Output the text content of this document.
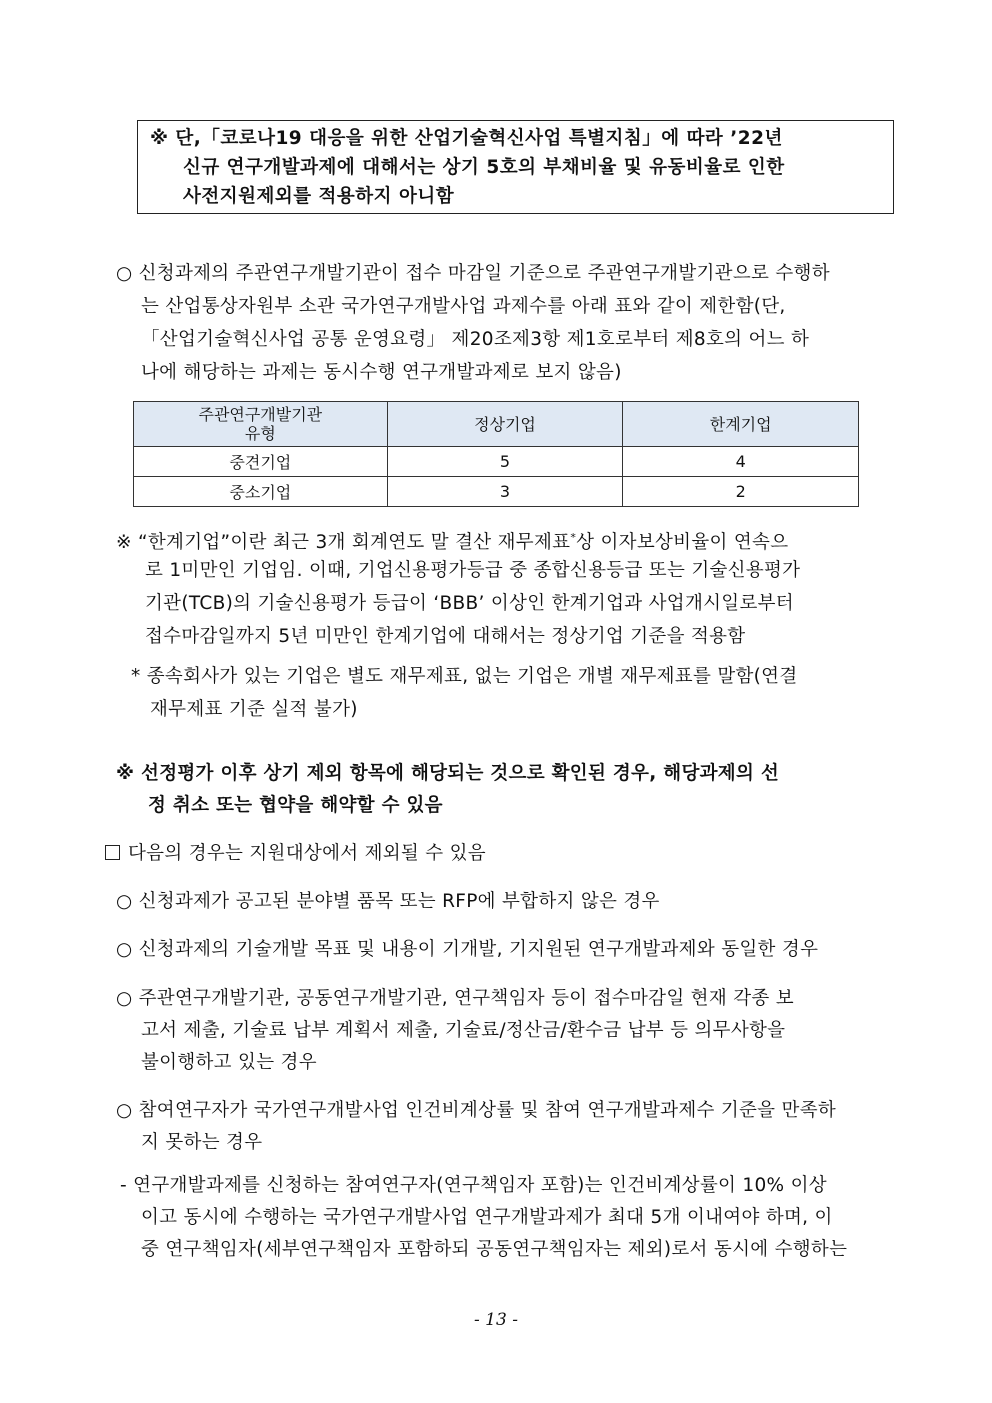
※ 단,「코로나19 대응을 위한 산업기술혁신사업 특별지침」에 따라 ’22년
신규 연구개발과제에 대해서는 상기 5호의 부채비율 및 유동비율로 인한
사전지원제외를 적용하지 아니함
○ 신청과제의 주관연구개발기관이 접수 마감일 기준으로 주관연구개발기관으로 수행하
는 산업통상자원부 소관 국가연구개발사업 과제수를 아래 표와 같이 제한함(단,
「산업기술혁신사업 공통 운영요령」 제20조제3항 제1호로부터 제8호의 어느 하
나에 해당하는 과제는 동시수행 연구개발과제로 보지 않음)
주관연구개발기관
유형	정상기업	한계기업
중견기업	5	4
중소기업	3	2
※ “한계기업”이란 최근 3개 회계연도 말 결산 재무제표*상 이자보상비율이 연속으
로 1미만인 기업임. 이때, 기업신용평가등급 중 종합신용등급 또는 기술신용평가
기관(TCB)의 기술신용평가 등급이 ‘BBB’ 이상인 한계기업과 사업개시일로부터
접수마감일까지 5년 미만인 한계기업에 대해서는 정상기업 기준을 적용함
* 종속회사가 있는 기업은 별도 재무제표, 없는 기업은 개별 재무제표를 말함(연결
재무제표 기준 실적 불가)
※ 선정평가 이후 상기 제외 항목에 해당되는 것으로 확인된 경우, 해당과제의 선
정 취소 또는 협약을 해약할 수 있음
다음의 경우는 지원대상에서 제외될 수 있음
○ 신청과제가 공고된 분야별 품목 또는 RFP에 부합하지 않은 경우
○ 신청과제의 기술개발 목표 및 내용이 기개발, 기지원된 연구개발과제와 동일한 경우
○ 주관연구개발기관, 공동연구개발기관, 연구책임자 등이 접수마감일 현재 각종 보
고서 제출, 기술료 납부 계획서 제출, 기술료/정산금/환수금 납부 등 의무사항을
불이행하고 있는 경우
○ 참여연구자가 국가연구개발사업 인건비계상률 및 참여 연구개발과제수 기준을 만족하
지 못하는 경우
- 연구개발과제를 신청하는 참여연구자(연구책임자 포함)는 인건비계상률이 10% 이상
이고 동시에 수행하는 국가연구개발사업 연구개발과제가 최대 5개 이내여야 하며, 이
중 연구책임자(세부연구책임자 포함하되 공동연구책임자는 제외)로서 동시에 수행하는
- 13 -
